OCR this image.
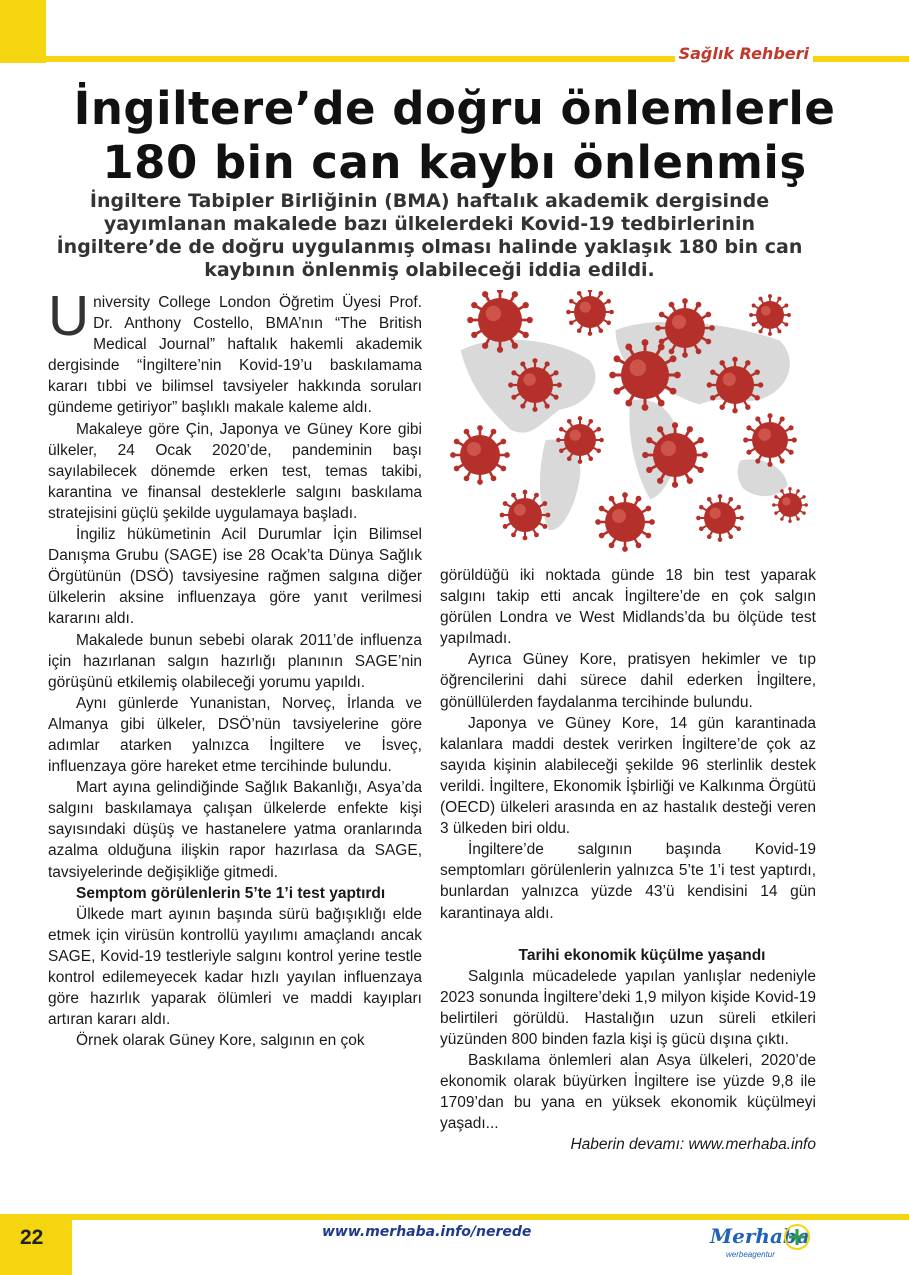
Sağlık Rehberi
İngiltere’de doğru önlemlerle
180 bin can kaybı önlenmiş

İngiltere Tabipler Birliğinin (BMA) haftalık akademik dergisinde yayımlanan makalede bazı ülkelerdeki Kovid-19 tedbirlerinin İngiltere’de de doğru uygulanmış olması halinde yaklaşık 180 bin can kaybının önlenmiş olabileceği iddia edildi.

University College London Öğretim Üyesi Prof. Dr. Anthony Costello, BMA’nın “The British Medical Journal” haftalık hakemli akademik dergisinde “İngiltere’nin Kovid-19’u baskılamama kararı tıbbi ve bilimsel tavsiyeler hakkında soruları gündeme getiriyor” başlıklı makale kaleme aldı.

Makaleye göre Çin, Japonya ve Güney Kore gibi ülkeler, 24 Ocak 2020’de, pandeminin başı sayılabilecek dönemde erken test, temas takibi, karantina ve finansal desteklerle salgını baskılama stratejisini güçlü şekilde uygulamaya başladı.

İngiliz hükümetinin Acil Durumlar İçin Bilimsel Danışma Grubu (SAGE) ise 28 Ocak’ta Dünya Sağlık Örgütünün (DSÖ) tavsiyesine rağmen salgına diğer ülkelerin aksine influenzaya göre yanıt verilmesi kararını aldı.

Makalede bunun sebebi olarak 2011’de influenza için hazırlanan salgın hazırlığı planının SAGE’nin görüşünü etkilemiş olabileceği yorumu yapıldı.

Aynı günlerde Yunanistan, Norveç, İrlanda ve Almanya gibi ülkeler, DSÖ’nün tavsiyelerine göre adımlar atarken yalnızca İngiltere ve İsveç, influenzaya göre hareket etme tercihinde bulundu.

Mart ayına gelindiğinde Sağlık Bakanlığı, Asya’da salgını baskılamaya çalışan ülkelerde enfekte kişi sayısındaki düşüş ve hastanelere yatma oranlarında azalma olduğuna ilişkin rapor hazırlasa da SAGE, tavsiyelerinde değişikliğe gitmedi.

Semptom görülenlerin 5’te 1’i test yaptırdı

Ülkede mart ayının başında sürü bağışıklığı elde etmek için virüsün kontrollü yayılımı amaçlandı ancak SAGE, Kovid-19 testleriyle salgını kontrol yerine testle kontrol edilemeyecek kadar hızlı yayılan influenzaya göre hazırlık yaparak ölümleri ve maddi kayıpları artıran kararı aldı.

Örnek olarak Güney Kore, salgının en çok

görüldüğü iki noktada günde 18 bin test yaparak salgını takip etti ancak İngiltere’de en çok salgın görülen Londra ve West Midlands’da bu ölçüde test yapılmadı.

Ayrıca Güney Kore, pratisyen hekimler ve tıp öğrencilerini dahi sürece dahil ederken İngiltere, gönüllülerden faydalanma tercihinde bulundu.

Japonya ve Güney Kore, 14 gün karantinada kalanlara maddi destek verirken İngiltere’de çok az sayıda kişinin alabileceği şekilde 96 sterlinlik destek verildi. İngiltere, Ekonomik İşbirliği ve Kalkınma Örgütü (OECD) ülkeleri arasında en az hastalık desteği veren 3 ülkeden biri oldu.

İngiltere’de salgının başında Kovid-19 semptomları görülenlerin yalnızca 5’te 1’i test yaptırdı, bunlardan yalnızca yüzde 43’ü kendisini 14 gün karantinaya aldı.

Tarihi ekonomik küçülme yaşandı

Salgınla mücadelede yapılan yanlışlar nedeniyle 2023 sonunda İngiltere’deki 1,9 milyon kişide Kovid-19 belirtileri görüldü. Hastalığın uzun süreli etkileri yüzünden 800 binden fazla kişi iş gücü dışına çıktı.

Baskılama önlemleri alan Asya ülkeleri, 2020’de ekonomik olarak büyürken İngiltere ise yüzde 9,8 ile 1709’dan bu yana en yüksek ekonomik küçülmeyi yaşadı...

Haberin devamı: www.merhaba.info

22	www.merhaba.info/nerede	Merhaba
werbeagentur
